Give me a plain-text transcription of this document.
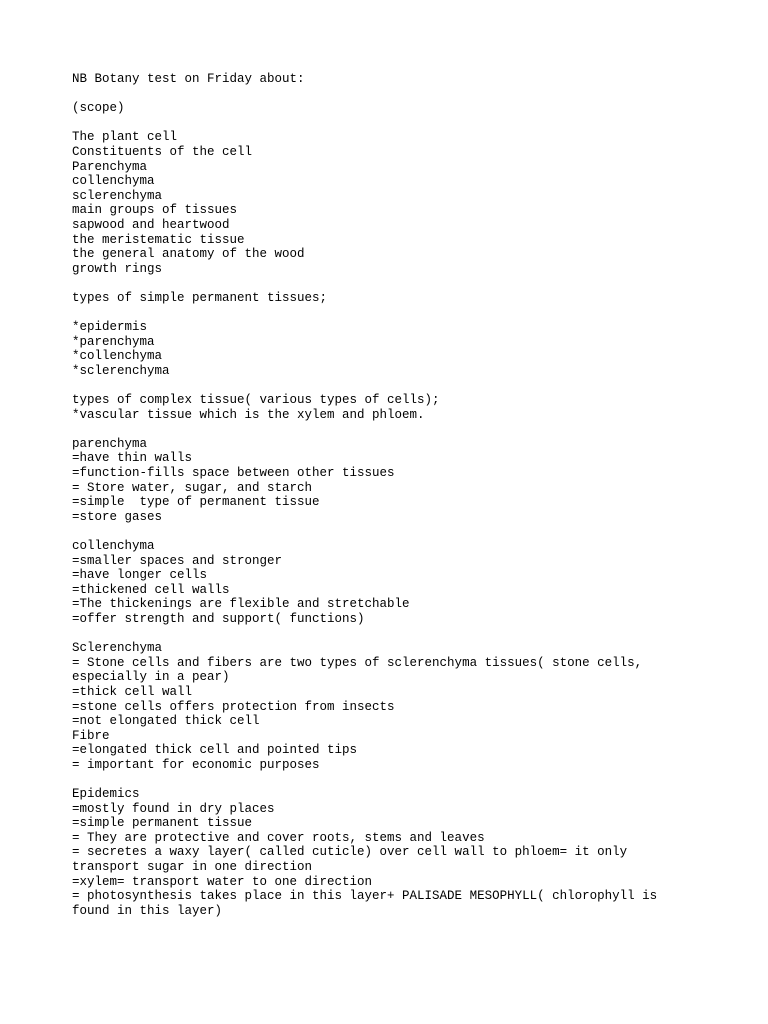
NB Botany test on Friday about:
(scope)
The plant cell
Constituents of the cell
Parenchyma
collenchyma
sclerenchyma
main groups of tissues
sapwood and heartwood
the meristematic tissue
the general anatomy of the wood
growth rings
types of simple permanent tissues;
*epidermis
*parenchyma
*collenchyma
*sclerenchyma
types of complex tissue( various types of cells);
*vascular tissue which is the xylem and phloem.
parenchyma
=have thin walls
=function-fills space between other tissues
= Store water, sugar, and starch
=simple  type of permanent tissue
=store gases
collenchyma
=smaller spaces and stronger
=have longer cells
=thickened cell walls
=The thickenings are flexible and stretchable
=offer strength and support( functions)
Sclerenchyma
= Stone cells and fibers are two types of sclerenchyma tissues( stone cells,
especially in a pear)
=thick cell wall
=stone cells offers protection from insects
=not elongated thick cell
Fibre
=elongated thick cell and pointed tips
= important for economic purposes
Epidemics
=mostly found in dry places
=simple permanent tissue
= They are protective and cover roots, stems and leaves
= secretes a waxy layer( called cuticle) over cell wall to phloem= it only
transport sugar in one direction
=xylem= transport water to one direction
= photosynthesis takes place in this layer+ PALISADE MESOPHYLL( chlorophyll is
found in this layer)
